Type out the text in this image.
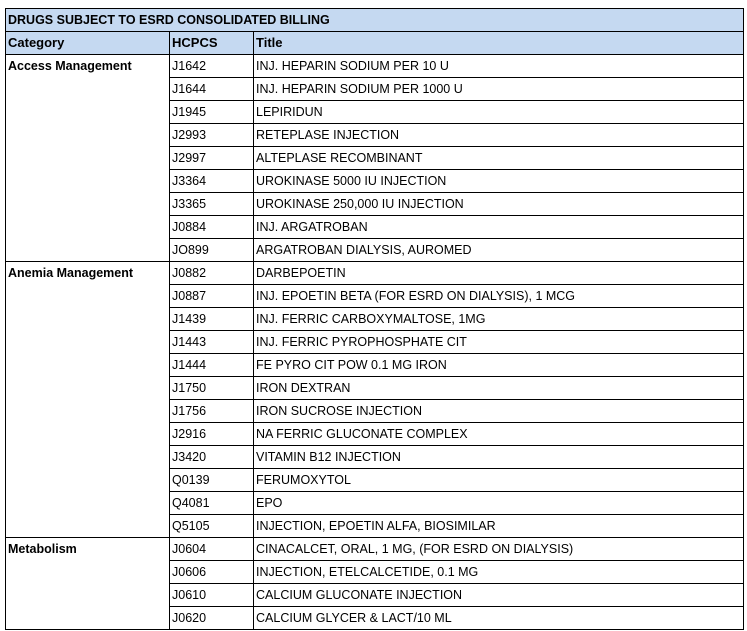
DRUGS SUBJECT TO ESRD CONSOLIDATED BILLING		
Category	HCPCS	Title
Access Management	J1642	INJ. HEPARIN SODIUM PER 10 U
	J1644	INJ. HEPARIN SODIUM PER 1000 U
	J1945	LEPIRIDUN
	J2993	RETEPLASE INJECTION
	J2997	ALTEPLASE RECOMBINANT
	J3364	UROKINASE 5000 IU INJECTION
	J3365	UROKINASE 250,000 IU INJECTION
	J0884	INJ. ARGATROBAN
	JO899	ARGATROBAN DIALYSIS, AUROMED
Anemia Management	J0882	DARBEPOETIN
	J0887	INJ. EPOETIN BETA (FOR ESRD ON DIALYSIS), 1 MCG
	J1439	INJ. FERRIC CARBOXYMALTOSE, 1MG
	J1443	INJ. FERRIC PYROPHOSPHATE CIT
	J1444	FE PYRO CIT POW 0.1 MG IRON
	J1750	IRON DEXTRAN
	J1756	IRON SUCROSE INJECTION
	J2916	NA FERRIC GLUCONATE COMPLEX
	J3420	VITAMIN B12 INJECTION
	Q0139	FERUMOXYTOL
	Q4081	EPO
	Q5105	INJECTION, EPOETIN ALFA, BIOSIMILAR
Metabolism	J0604	CINACALCET, ORAL, 1 MG, (FOR ESRD ON DIALYSIS)
	J0606	INJECTION, ETELCALCETIDE, 0.1 MG
	J0610	CALCIUM GLUCONATE INJECTION
	J0620	CALCIUM GLYCER & LACT/10 ML
